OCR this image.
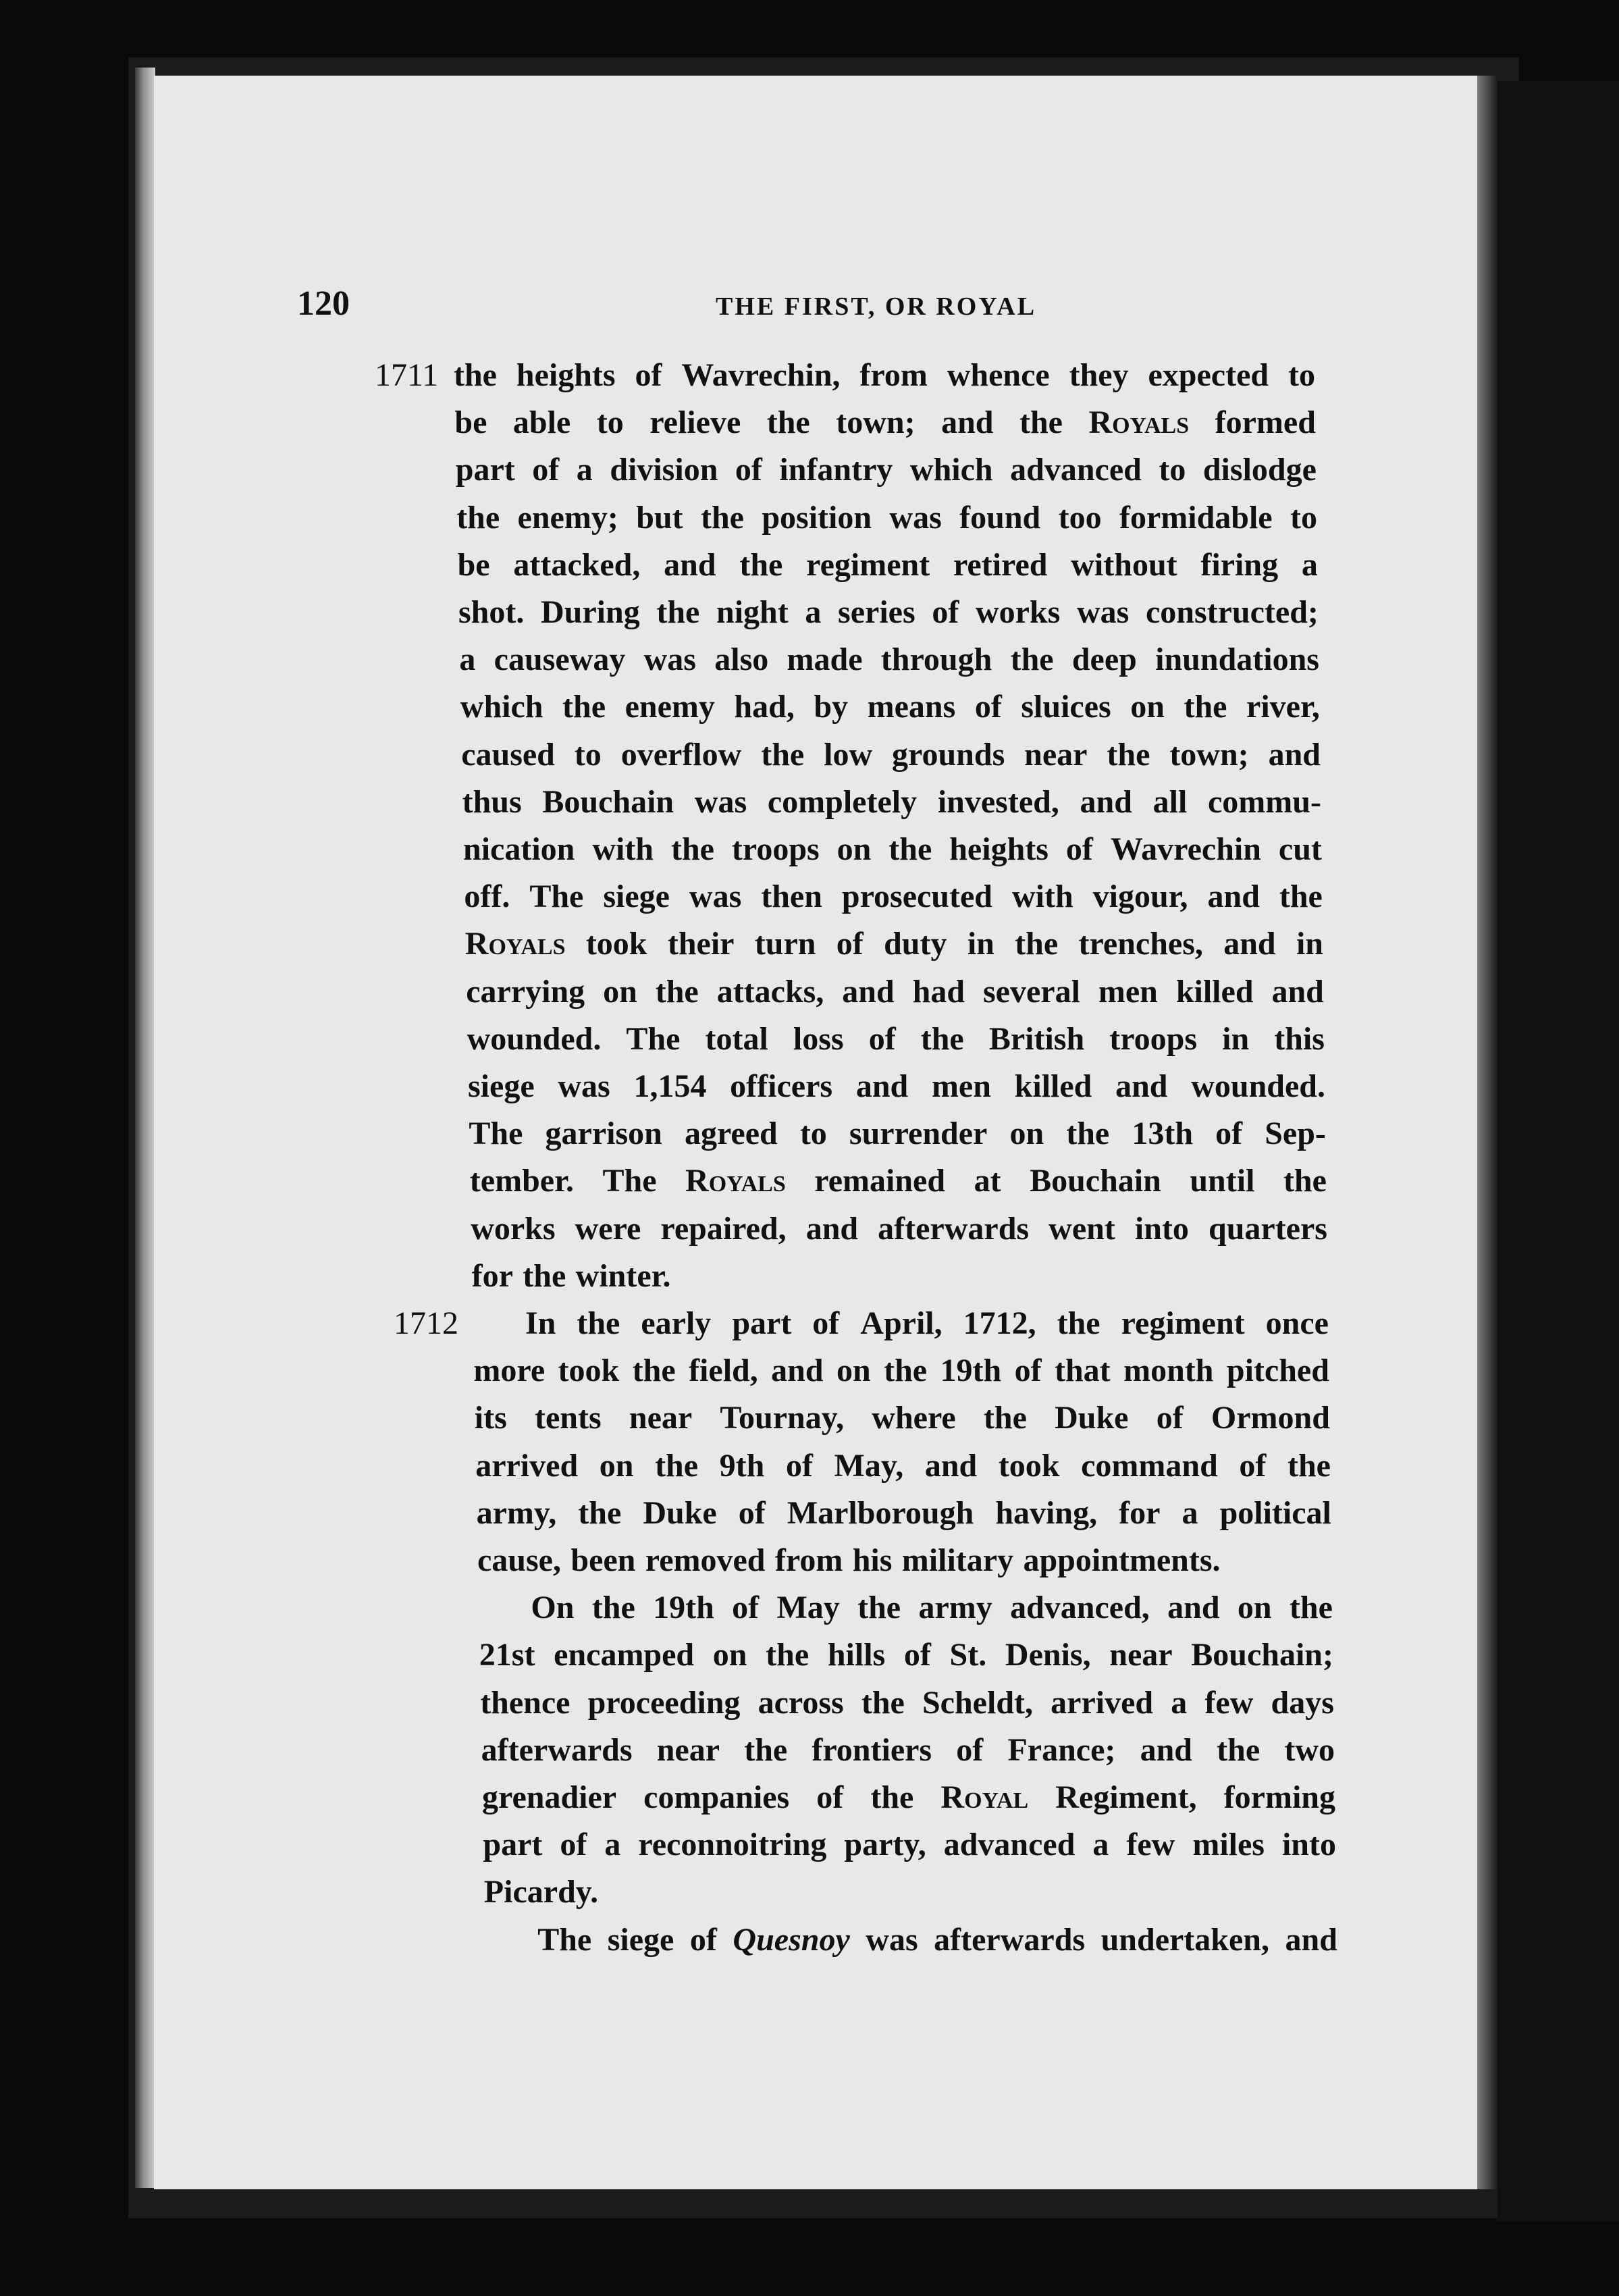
120	THE FIRST, OR ROYAL
1711
1712
the heights of Wavrechin, from whence they expected to
be able to relieve the town; and the Royals formed
part of a division of infantry which advanced to dislodge
the enemy; but the position was found too formidable to
be attacked, and the regiment retired without firing a
shot. During the night a series of works was constructed;
a causeway was also made through the deep inundations
which the enemy had, by means of sluices on the river,
caused to overflow the low grounds near the town; and
thus Bouchain was completely invested, and all commu-
nication with the troops on the heights of Wavrechin cut
off. The siege was then prosecuted with vigour, and the
Royals took their turn of duty in the trenches, and in
carrying on the attacks, and had several men killed and
wounded. The total loss of the British troops in this
siege was 1,154 officers and men killed and wounded.
The garrison agreed to surrender on the 13th of Sep-
tember. The Royals remained at Bouchain until the
works were repaired, and afterwards went into quarters
for the winter.
In the early part of April, 1712, the regiment once
more took the field, and on the 19th of that month pitched
its tents near Tournay, where the Duke of Ormond
arrived on the 9th of May, and took command of the
army, the Duke of Marlborough having, for a political
cause, been removed from his military appointments.
On the 19th of May the army advanced, and on the
21st encamped on the hills of St. Denis, near Bouchain;
thence proceeding across the Scheldt, arrived a few days
afterwards near the frontiers of France; and the two
grenadier companies of the Royal Regiment, forming
part of a reconnoitring party, advanced a few miles into
Picardy.
The siege of Quesnoy was afterwards undertaken, and
